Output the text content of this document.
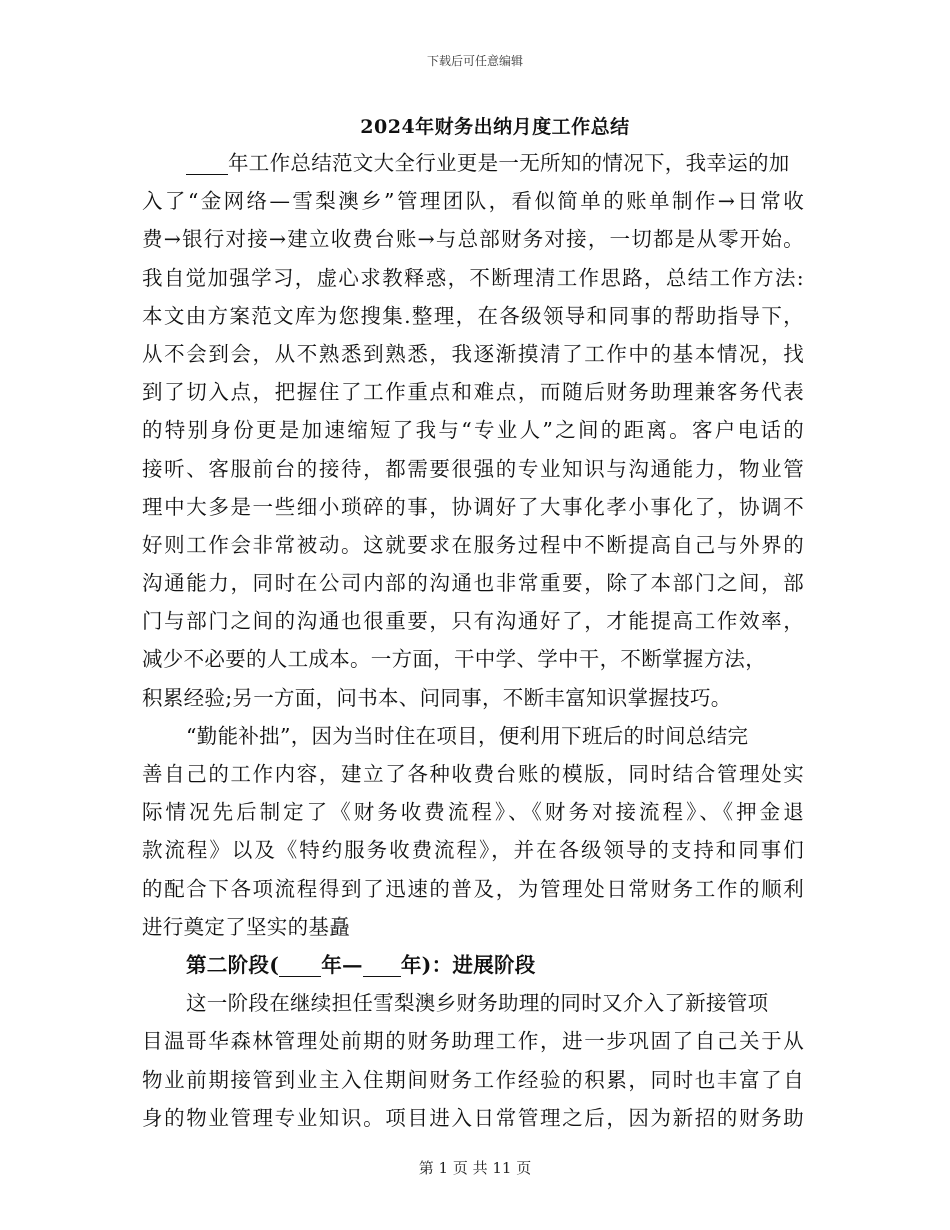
下载后可任意编辑
2024年财务出纳月度工作总结
年工作总结范文大全行业更是一无所知的情况下，我幸运的加
入了“金网络—雪梨澳乡”管理团队，看似简单的账单制作→日常收
费→银行对接→建立收费台账→与总部财务对接，一切都是从零开始。
我自觉加强学习，虚心求教释惑，不断理清工作思路，总结工作方法:
本文由方案范文库为您搜集.整理，在各级领导和同事的帮助指导下，
从不会到会，从不熟悉到熟悉，我逐渐摸清了工作中的基本情况，找
到了切入点，把握住了工作重点和难点，而随后财务助理兼客务代表
的特别身份更是加速缩短了我与“专业人”之间的距离。客户电话的
接听、客服前台的接待，都需要很强的专业知识与沟通能力，物业管
理中大多是一些细小琐碎的事，协调好了大事化孝小事化了，协调不
好则工作会非常被动。这就要求在服务过程中不断提高自己与外界的
沟通能力，同时在公司内部的沟通也非常重要，除了本部门之间，部
门与部门之间的沟通也很重要，只有沟通好了，才能提高工作效率，
减少不必要的人工成本。一方面，干中学、学中干，不断掌握方法，
积累经验;另一方面，问书本、问同事，不断丰富知识掌握技巧。
“勤能补拙”，因为当时住在项目，便利用下班后的时间总结完
善自己的工作内容，建立了各种收费台账的模版，同时结合管理处实
际情况先后制定了《财务收费流程》、《财务对接流程》、《押金退
款流程》以及《特约服务收费流程》，并在各级领导的支持和同事们
的配合下各项流程得到了迅速的普及，为管理处日常财务工作的顺利
进行奠定了坚实的基矗
第二阶段( 年— 年)：进展阶段
这一阶段在继续担任雪梨澳乡财务助理的同时又介入了新接管项
目温哥华森林管理处前期的财务助理工作，进一步巩固了自己关于从
物业前期接管到业主入住期间财务工作经验的积累，同时也丰富了自
身的物业管理专业知识。项目进入日常管理之后，因为新招的财务助
第 1 页 共 11 页
